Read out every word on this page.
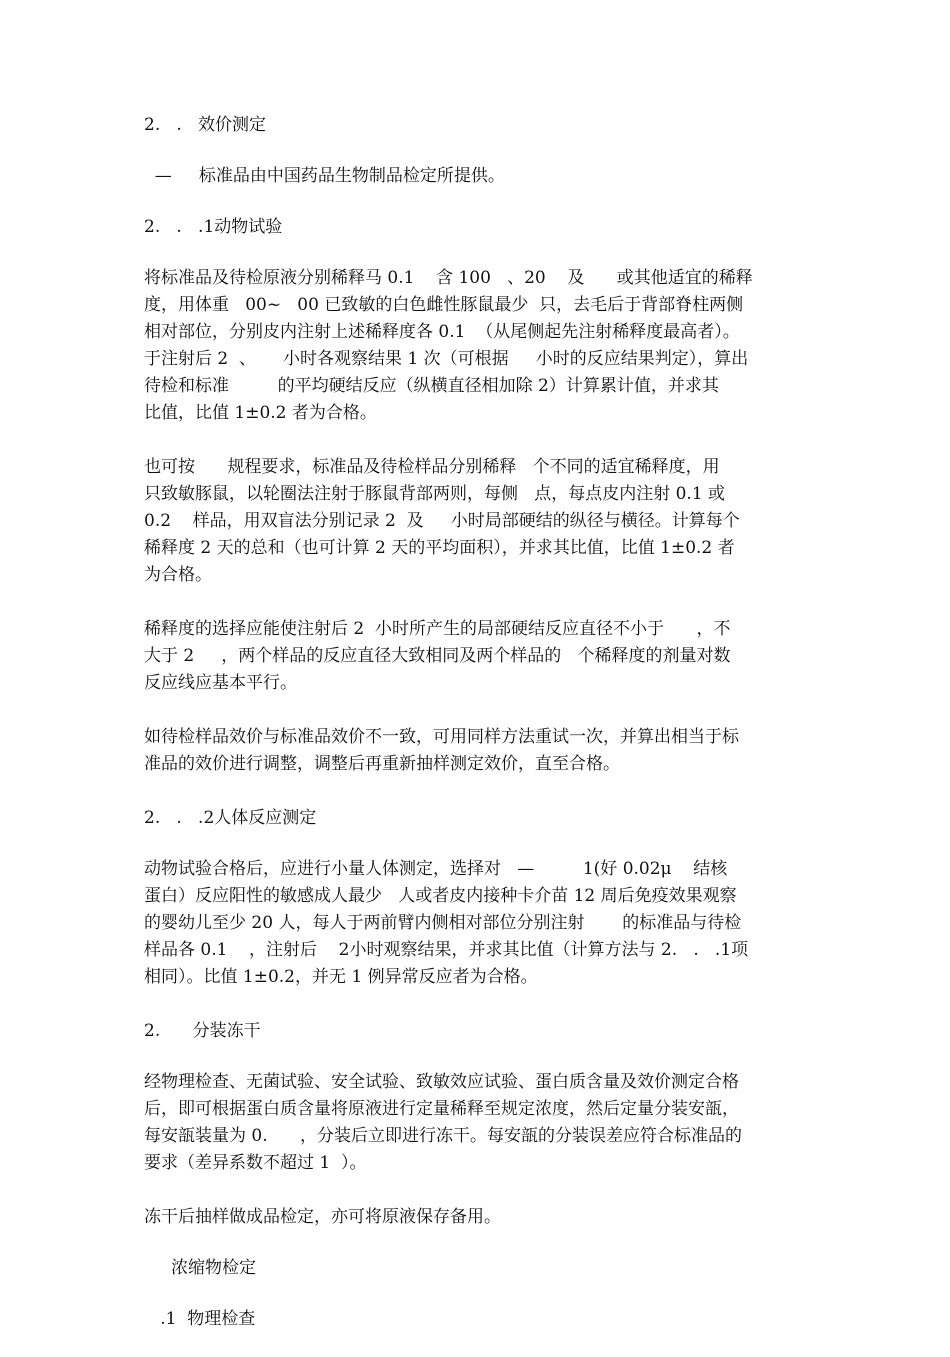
2.   .   效价测定

—     标准品由中国药品生物制品检定所提供。

2.   .   .1动物试验

将标准品及待检原液分别稀释马 0.1    含 100   、20    及      或其他适宜的稀释
度，用体重   00~   00 已致敏的白色雌性豚鼠最少  只，去毛后于背部脊柱两侧
相对部位，分别皮内注射上述稀释度各 0.1  （从尾侧起先注射稀释度最高者）。
于注射后 2  、     小时各观察结果 1 次（可根据     小时的反应结果判定），算出
待检和标准         的平均硬结反应（纵横直径相加除 2）计算累计值，并求其
比值，比值 1±0.2 者为合格。
也可按      规程要求，标准品及待检样品分别稀释   个不同的适宜稀释度，用
只致敏豚鼠，以轮圈法注射于豚鼠背部两则，每侧   点，每点皮内注射 0.1 或
0.2    样品，用双盲法分别记录 2  及     小时局部硬结的纵径与横径。计算每个
稀释度 2 天的总和（也可计算 2 天的平均面积），并求其比值，比值 1±0.2 者
为合格。
稀释度的选择应能使注射后 2  小时所产生的局部硬结反应直径不小于      ，不
大于 2     ，两个样品的反应直径大致相同及两个样品的   个稀释度的剂量对数
反应线应基本平行。
如待检样品效价与标准品效价不一致，可用同样方法重试一次，并算出相当于标
准品的效价进行调整，调整后再重新抽样测定效价，直至合格。

2.   .   .2人体反应测定

动物试验合格后，应进行小量人体测定，选择对   —         1(好 0.02μ    结核
蛋白）反应阳性的敏感成人最少   人或者皮内接种卡介苗 12 周后免疫效果观察
的婴幼儿至少 20 人，每人于两前臂内侧相对部位分别注射       的标准品与待检
样品各 0.1    ，注射后    2小时观察结果，并求其比值（计算方法与 2.   .   .1项
相同）。比值 1±0.2，并无 1 例异常反应者为合格。

2.      分装冻干

经物理检查、无菌试验、安全试验、致敏效应试验、蛋白质含量及效价测定合格
后，即可根据蛋白质含量将原液进行定量稀释至规定浓度，然后定量分装安瓿，
每安瓿装量为 0.      ，分装后立即进行冻干。每安瓿的分装误差应符合标准品的
要求（差异系数不超过 1  ）。

冻干后抽样做成品检定，亦可将原液保存备用。

浓缩物检定

.1  物理检查
